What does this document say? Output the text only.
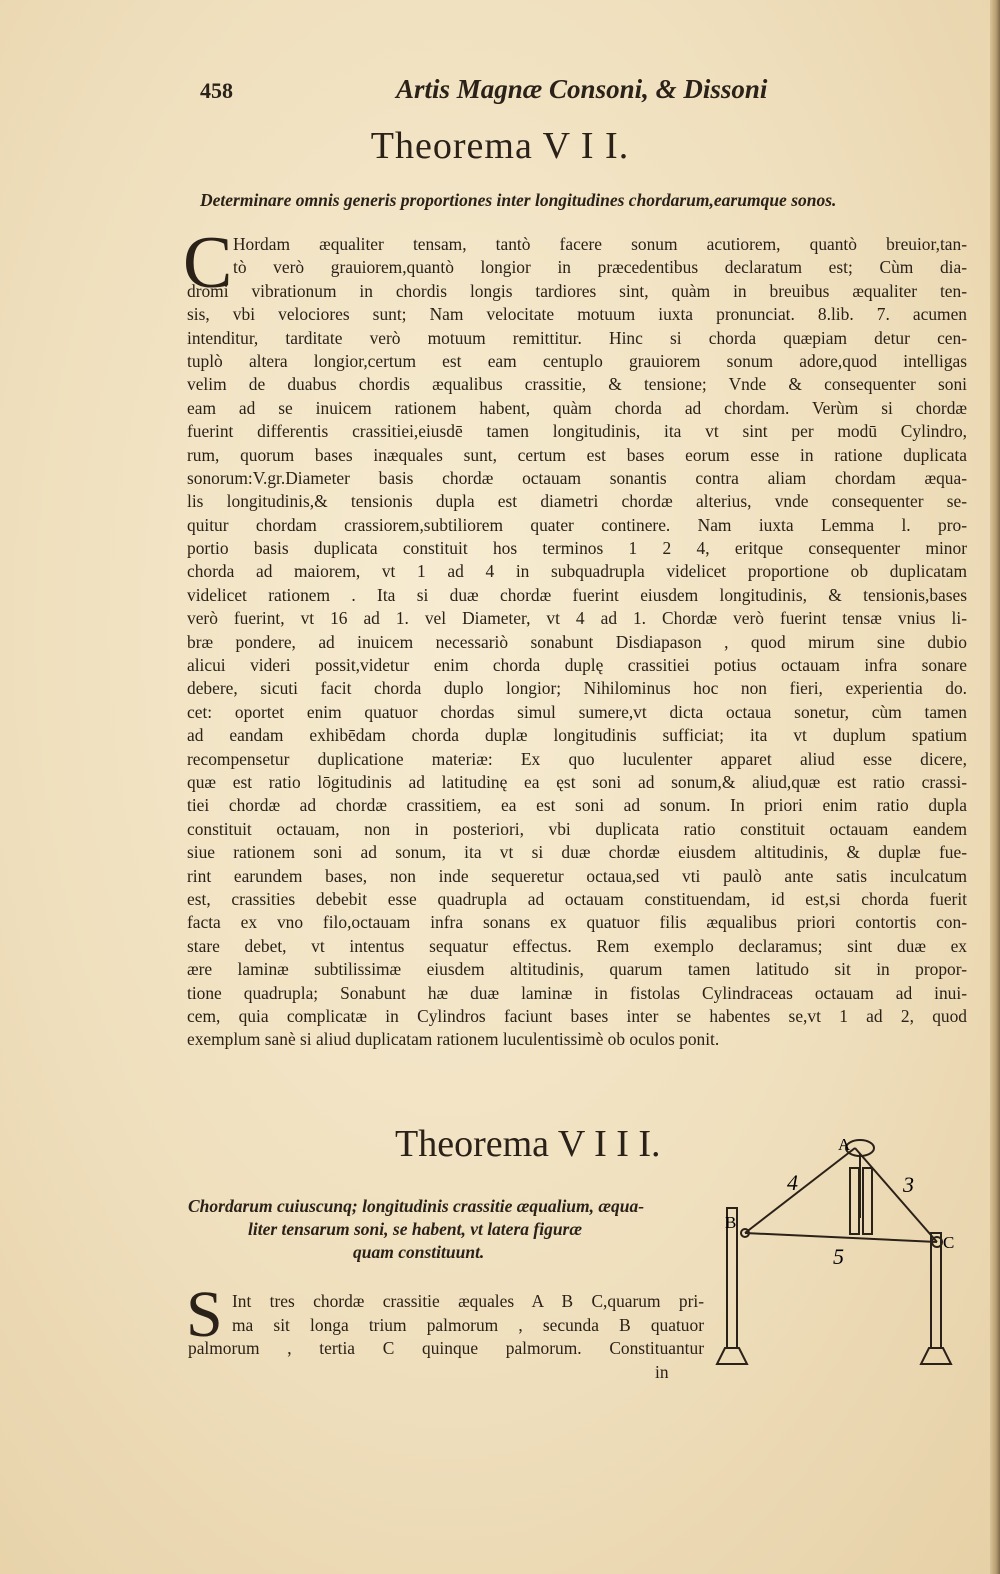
458	Artis Magnæ Consoni, & Dissoni
Theorema V I I.
Determinare omnis generis proportiones inter longitudines chordarum,earumque sonos.
C Hordam æqualiter tensam, tantò facere sonum acutiorem, quantò breuior,tan-
tò verò grauiorem,quantò longior in præcedentibus declaratum est; Cùm dia-
dromi vibrationum in chordis longis tardiores sint, quàm in breuibus æqualiter ten-
sis, vbi velociores sunt; Nam velocitate motuum iuxta pronunciat. 8.lib. 7. acumen
intenditur, tarditate verò motuum remittitur. Hinc si chorda quæpiam detur cen-
tuplò altera longior,certum est eam centuplo grauiorem sonum adore,quod intelligas
velim de duabus chordis æqualibus crassitie, & tensione; Vnde & consequenter soni
eam ad se inuicem rationem habent, quàm chorda ad chordam. Verùm si chordæ
fuerint differentis crassitiei,eiusdē tamen longitudinis, ita vt sint per modū Cylindro,
rum, quorum bases inæquales sunt, certum est bases eorum esse in ratione duplicata
sonorum:V.gr.Diameter basis chordæ octauam sonantis contra aliam chordam æqua-
lis longitudinis,& tensionis dupla est diametri chordæ alterius, vnde consequenter se-
quitur chordam crassiorem,subtiliorem quater continere. Nam iuxta Lemma l. pro-
portio basis duplicata constituit hos terminos 1 2 4, eritque consequenter minor
chorda ad maiorem, vt 1 ad 4 in subquadrupla videlicet proportione ob duplicatam
videlicet rationem . Ita si duæ chordæ fuerint eiusdem longitudinis, & tensionis,bases
verò fuerint, vt 16 ad 1. vel Diameter, vt 4 ad 1. Chordæ verò fuerint tensæ vnius li-
bræ pondere, ad inuicem necessariò sonabunt Disdiapason , quod mirum sine dubio
alicui videri possit,videtur enim chorda duplę crassitiei potius octauam infra sonare
debere, sicuti facit chorda duplo longior; Nihilominus hoc non fieri, experientia do.
cet: oportet enim quatuor chordas simul sumere,vt dicta octaua sonetur, cùm tamen
ad eandam exhibēdam chorda duplæ longitudinis sufficiat; ita vt duplum spatium
recompensetur duplicatione materiæ: Ex quo luculenter apparet aliud esse dicere,
quæ est ratio lōgitudinis ad latitudinę ea ęst soni ad sonum,& aliud,quæ est ratio crassi-
tiei chordæ ad chordæ crassitiem, ea est soni ad sonum. In priori enim ratio dupla
constituit octauam, non in posteriori, vbi duplicata ratio constituit octauam eandem
siue rationem soni ad sonum, ita vt si duæ chordæ eiusdem altitudinis, & duplæ fue-
rint earundem bases, non inde sequeretur octaua,sed vti paulò ante satis inculcatum
est, crassities debebit esse quadrupla ad octauam constituendam, id est,si chorda fuerit
facta ex vno filo,octauam infra sonans ex quatuor filis æqualibus priori contortis con-
stare debet, vt intentus sequatur effectus. Rem exemplo declaramus; sint duæ ex
ære laminæ subtilissimæ eiusdem altitudinis, quarum tamen latitudo sit in propor-
tione quadrupla; Sonabunt hæ duæ laminæ in fistolas Cylindraceas octauam ad inui-
cem, quia complicatæ in Cylindros faciunt bases inter se habentes se,vt 1 ad 2, quod
exemplum sanè si aliud duplicatam rationem luculentissimè ob oculos ponit.
Theorema V I I I.
Chordarum cuiuscunq; longitudinis crassitie æqualium, æqua-
liter tensarum soni, se habent, vt latera figuræ
quam constituunt.
S Int tres chordæ crassitie æquales A B C,quarum pri-
ma sit longa trium palmorum , secunda B quatuor
palmorum , tertia C quinque palmorum. Constituantur
in
A
B
C
4	3
5
